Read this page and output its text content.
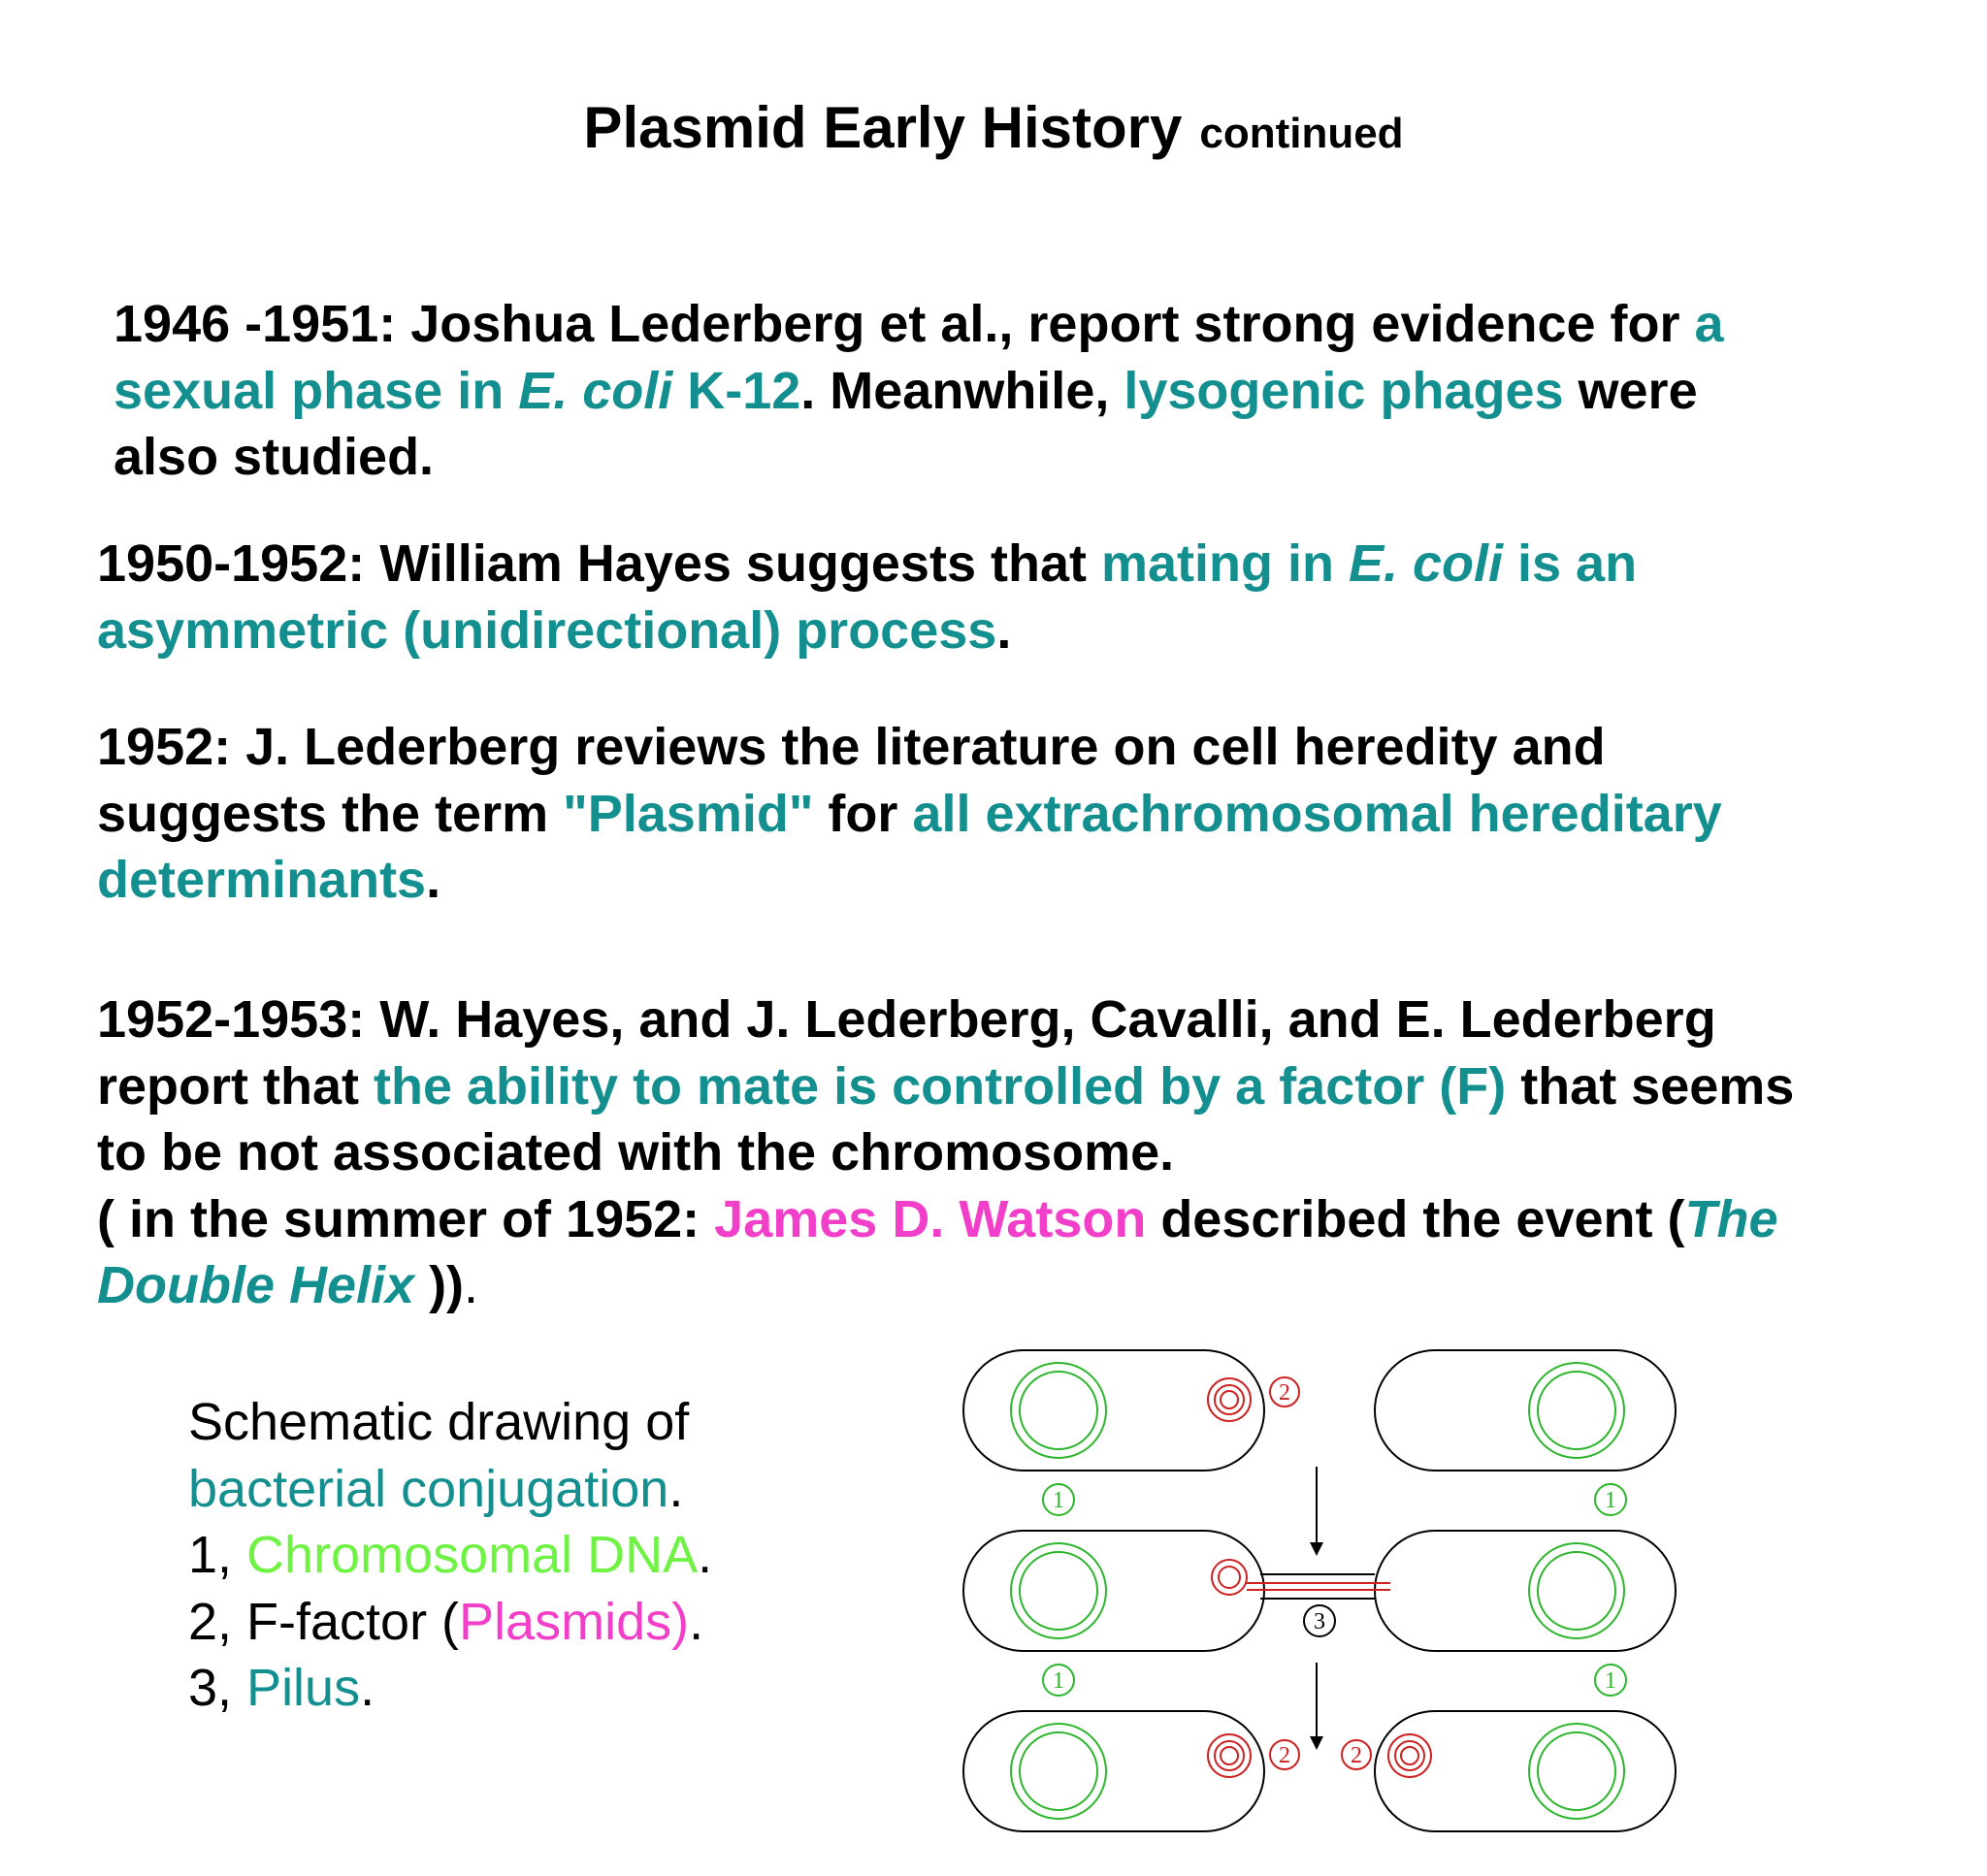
Plasmid Early History continued
1946 -1951: Joshua Lederberg et al., report strong evidence for a
sexual phase in E. coli K-12. Meanwhile, lysogenic phages were
also studied.
1950-1952: William Hayes suggests that mating in E. coli is an
asymmetric (unidirectional) process.
1952: J. Lederberg reviews the literature on cell heredity and
suggests the term "Plasmid" for all extrachromosomal hereditary
determinants.
1952-1953: W. Hayes, and J. Lederberg, Cavalli, and E. Lederberg
report that the ability to mate is controlled by a factor (F) that seems
to be not associated with the chromosome.
( in the summer of 1952: James D. Watson described the event (The
Double Helix )).
Schematic drawing of
bacterial conjugation.
1, Chromosomal DNA.
2, F-factor (Plasmids).
3, Pilus.
1	1
1	1
2
2	2
3
